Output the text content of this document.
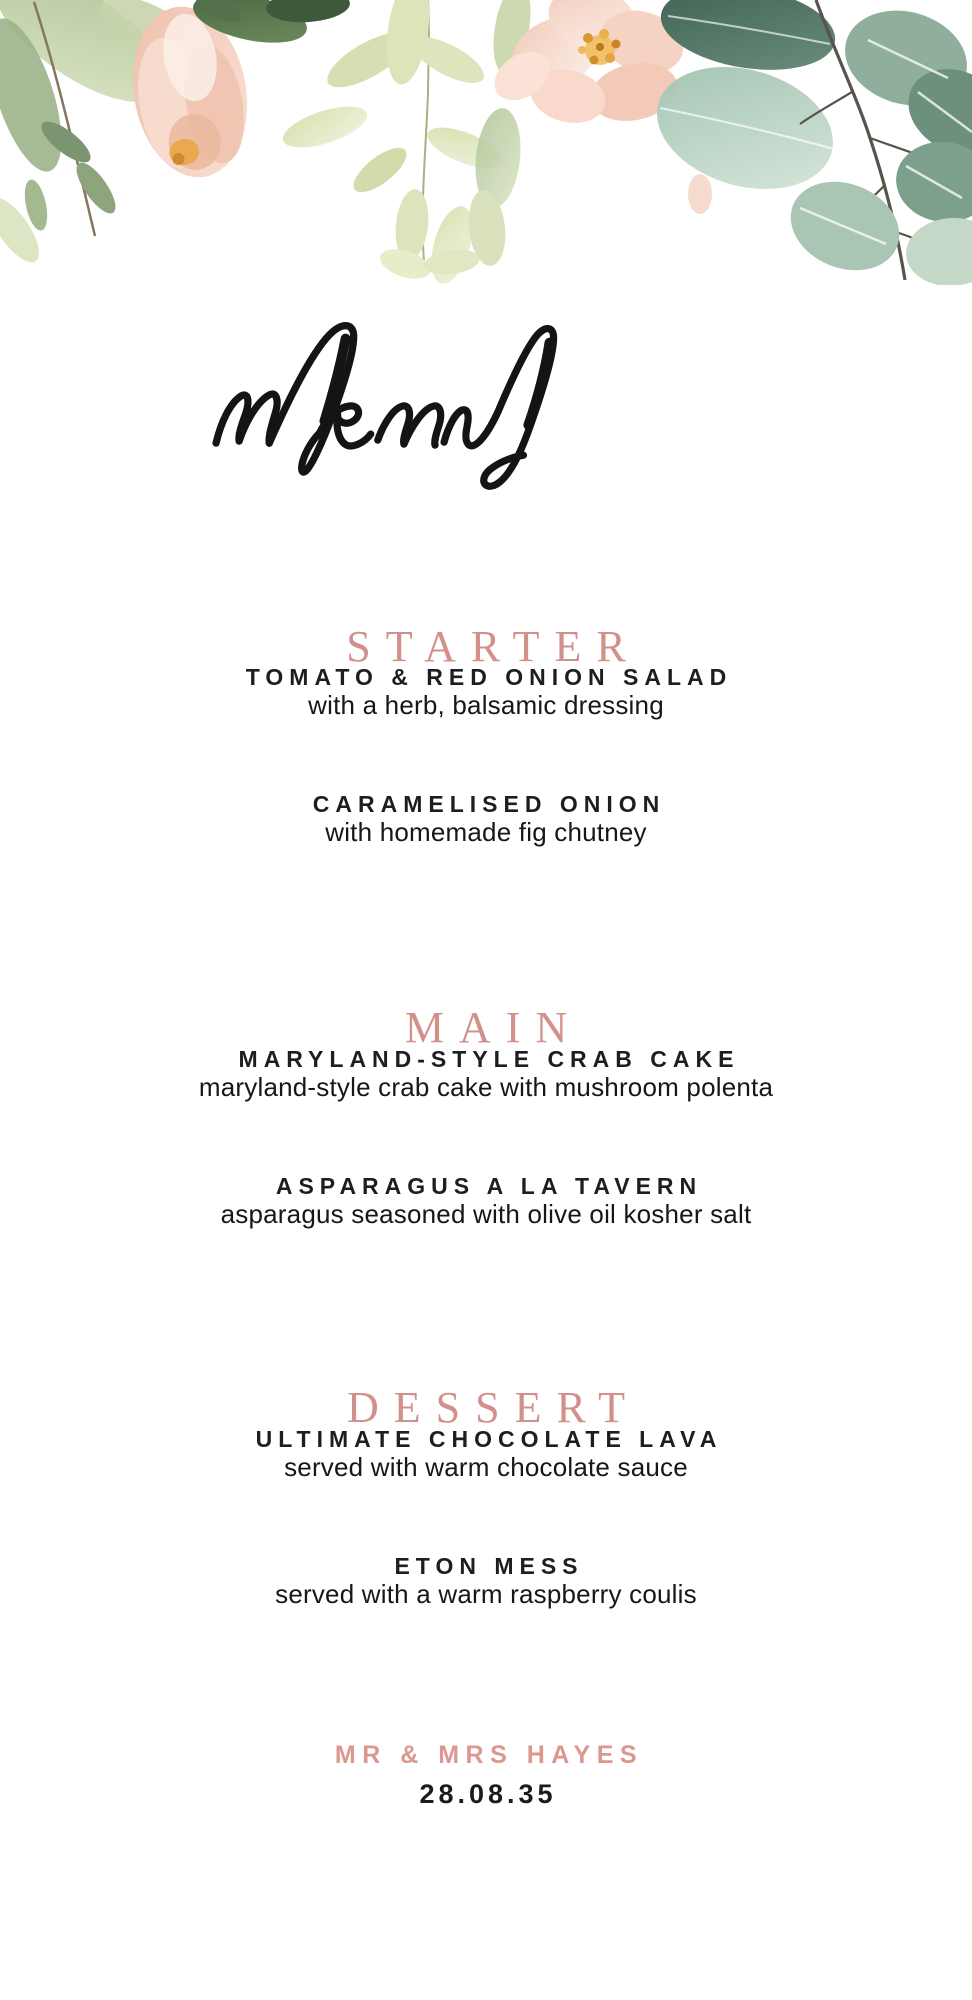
STARTER
TOMATO & RED ONION SALAD
with a herb, balsamic dressing
CARAMELISED ONION
with homemade fig chutney
MAIN
MARYLAND-STYLE CRAB CAKE
maryland-style crab cake with mushroom polenta
ASPARAGUS A LA TAVERN
asparagus seasoned with olive oil kosher salt
DESSERT
ULTIMATE CHOCOLATE LAVA
served with warm chocolate sauce
ETON MESS
served with a warm raspberry coulis
MR & MRS HAYES
28.08.35
